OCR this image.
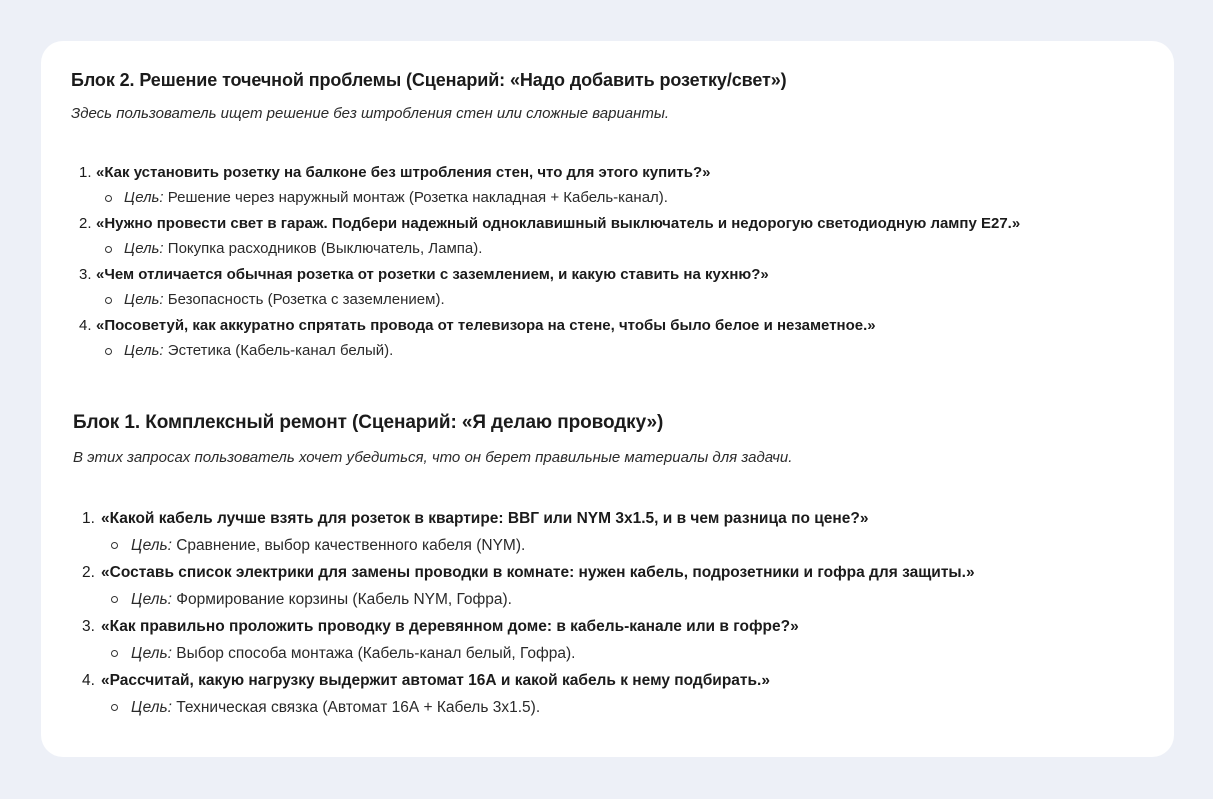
Блок 2. Решение точечной проблемы (Сценарий: «Надо добавить розетку/свет»)

Здесь пользователь ищет решение без штробления стен или сложные варианты.

1. «Как установить розетку на балконе без штробления стен, что для этого купить?»
Цель: Решение через наружный монтаж (Розетка накладная + Кабель-канал).
2. «Нужно провести свет в гараж. Подбери надежный одноклавишный выключатель и недорогую светодиодную лампу E27.»
Цель: Покупка расходников (Выключатель, Лампа).
3. «Чем отличается обычная розетка от розетки с заземлением, и какую ставить на кухню?»
Цель: Безопасность (Розетка с заземлением).
4. «Посоветуй, как аккуратно спрятать провода от телевизора на стене, чтобы было белое и незаметное.»
Цель: Эстетика (Кабель-канал белый).
Блок 1. Комплексный ремонт (Сценарий: «Я делаю проводку»)

В этих запросах пользователь хочет убедиться, что он берет правильные материалы для задачи.

1. «Какой кабель лучше взять для розеток в квартире: ВВГ или NYM 3x1.5, и в чем разница по цене?»
Цель: Сравнение, выбор качественного кабеля (NYM).
2. «Составь список электрики для замены проводки в комнате: нужен кабель, подрозетники и гофра для защиты.»
Цель: Формирование корзины (Кабель NYM, Гофра).
3. «Как правильно проложить проводку в деревянном доме: в кабель-канале или в гофре?»
Цель: Выбор способа монтажа (Кабель-канал белый, Гофра).
4. «Рассчитай, какую нагрузку выдержит автомат 16А и какой кабель к нему подбирать.»
Цель: Техническая связка (Автомат 16А + Кабель 3x1.5).
